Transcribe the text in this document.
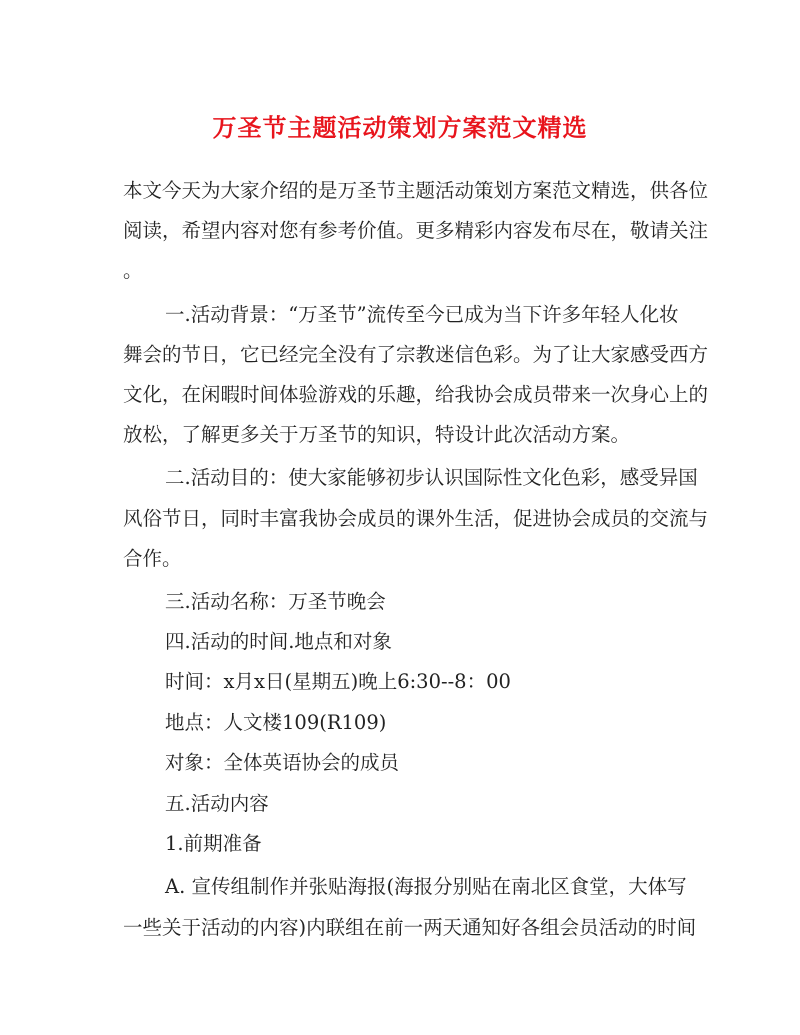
万圣节主题活动策划方案范文精选
本文今天为大家介绍的是万圣节主题活动策划方案范文精选，供各位
阅读，希望内容对您有参考价值。更多精彩内容发布尽在，敬请关注
。
一.活动背景：“万圣节”流传至今已成为当下许多年轻人化妆
舞会的节日，它已经完全没有了宗教迷信色彩。为了让大家感受西方
文化，在闲暇时间体验游戏的乐趣，给我协会成员带来一次身心上的
放松，了解更多关于万圣节的知识，特设计此次活动方案。
二.活动目的：使大家能够初步认识国际性文化色彩，感受异国
风俗节日，同时丰富我协会成员的课外生活，促进协会成员的交流与
合作。
三.活动名称：万圣节晚会
四.活动的时间.地点和对象
时间：x月x日(星期五)晚上6:30--8：00
地点：人文楼109(R109)
对象：全体英语协会的成员
五.活动内容
1.前期准备
A. 宣传组制作并张贴海报(海报分别贴在南北区食堂，大体写
一些关于活动的内容)内联组在前一两天通知好各组会员活动的时间
